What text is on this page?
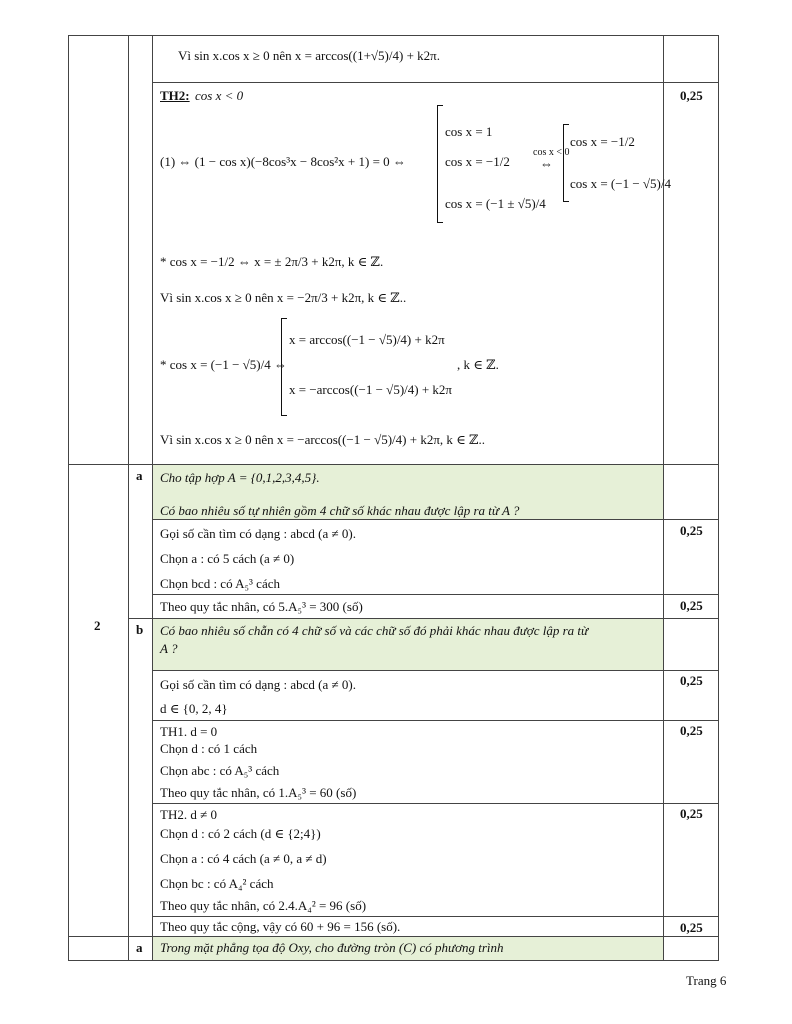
Vì sin x.cos x ≥ 0 nên x = arccos((1+√5)/4) + k2π.
TH2: cos x < 0	0,25
(1) ⇔ (1 − cos x)(−8cos³x − 8cos²x + 1) = 0 ⇔
cos x = 1
cos x = −1/2
cos x = (−1 ± √5)/4
cos x < 0
⇔
cos x = −1/2
cos x = (−1 − √5)/4
* cos x = −1/2 ⇔ x = ± 2π/3 + k2π, k ∈ ℤ.
Vì sin x.cos x ≥ 0 nên x = −2π/3 + k2π, k ∈ ℤ..
* cos x = (−1 − √5)/4 ⇔
x = arccos((−1 − √5)/4) + k2π
x = −arccos((−1 − √5)/4) + k2π
, k ∈ ℤ.
Vì sin x.cos x ≥ 0 nên x = −arccos((−1 − √5)/4) + k2π, k ∈ ℤ..
2
a Cho tập hợp A = {0,1,2,3,4,5}.
Có bao nhiêu số tự nhiên gồm 4 chữ số khác nhau được lập ra từ A ?
Gọi số cần tìm có dạng : abcd (a ≠ 0).	0,25
Chọn a : có 5 cách (a ≠ 0)
Chọn bcd : có A₅³ cách
Theo quy tắc nhân, có 5.A₅³ = 300 (số)	0,25
b Có bao nhiêu số chẵn có 4 chữ số và các chữ số đó phải khác nhau được lập ra từ
A ?
Gọi số cần tìm có dạng : abcd (a ≠ 0).	0,25
d ∈ {0, 2, 4}
TH1. d = 0	0,25
Chọn d : có 1 cách
Chọn abc : có A₅³ cách
Theo quy tắc nhân, có 1.A₅³ = 60 (số)
TH2. d ≠ 0	0,25
Chọn d : có 2 cách (d ∈ {2;4})
Chọn a : có 4 cách (a ≠ 0, a ≠ d)
Chọn bc : có A₄² cách
Theo quy tắc nhân, có 2.4.A₄² = 96 (số)
Theo quy tắc cộng, vậy có 60 + 96 = 156 (số).	0,25
a Trong mặt phẳng tọa độ Oxy, cho đường tròn (C) có phương trình
Trang 6
